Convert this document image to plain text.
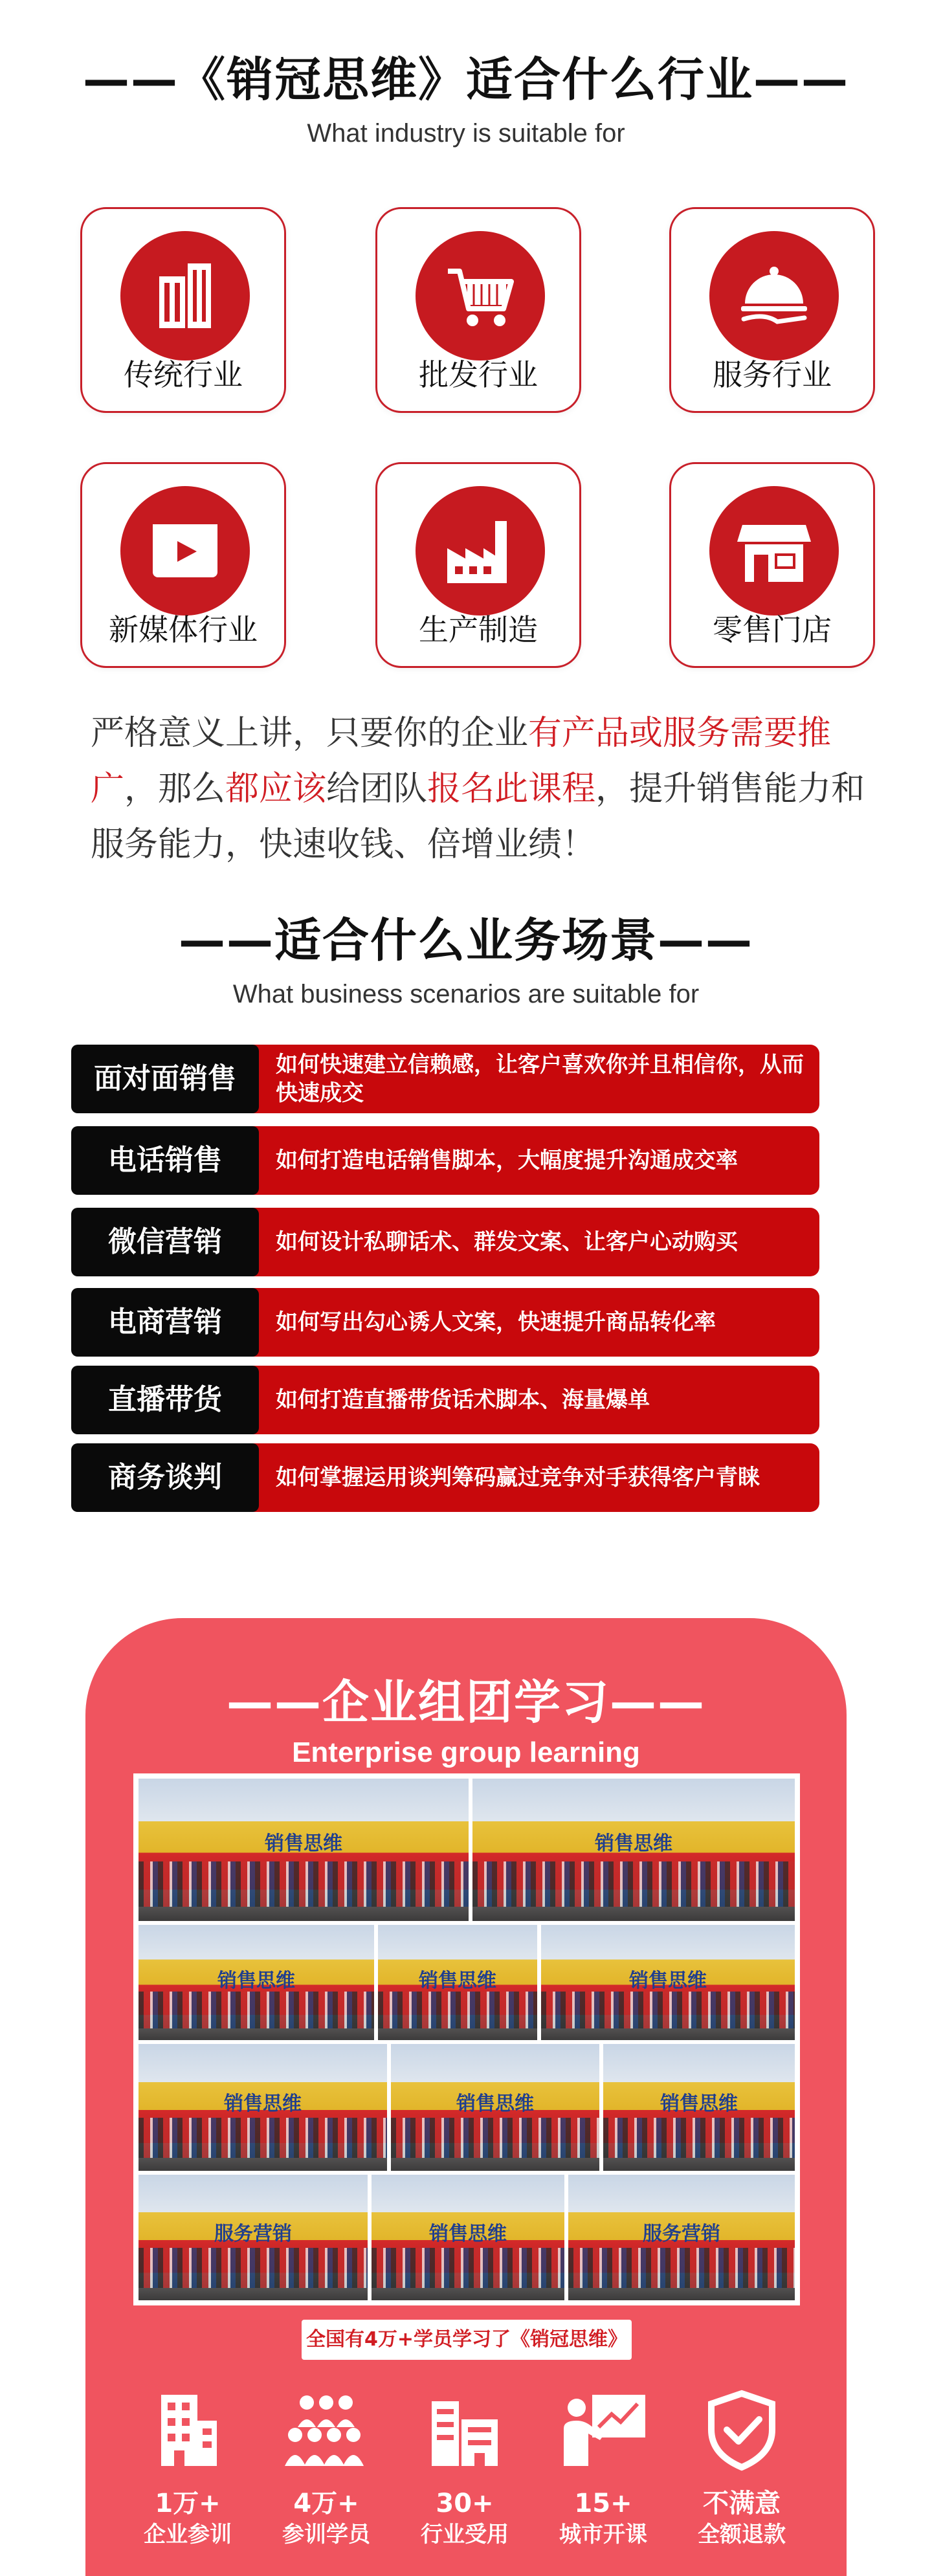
——《销冠思维》适合什么行业——
What industry is suitable for
传统行业	批发行业	服务行业
新媒体行业	生产制造	零售门店

严格意义上讲，只要你的企业有产品或服务需要推广，那么都应该给团队报名此课程，提升销售能力和服务能力，快速收钱、倍增业绩！

——适合什么业务场景——
What business scenarios are suitable for
面对面销售	如何快速建立信赖感，让客户喜欢你并且相信你，从而快速成交
电话销售	如何打造电话销售脚本，大幅度提升沟通成交率
微信营销	如何设计私聊话术、群发文案、让客户心动购买
电商营销	如何写出勾心诱人文案，快速提升商品转化率
直播带货	如何打造直播带货话术脚本、海量爆单
商务谈判	如何掌握运用谈判筹码赢过竞争对手获得客户青睐
——企业组团学习——
Enterprise group learning
销售思维	销售思维
销售思维	销售思维	销售思维
销售思维	销售思维	销售思维
服务营销	销售思维	服务营销
全国有4万+学员学习了《销冠思维》
1万+
企业参训
4万+
参训学员
30+
行业受用
15+
城市开课
不满意
全额退款
